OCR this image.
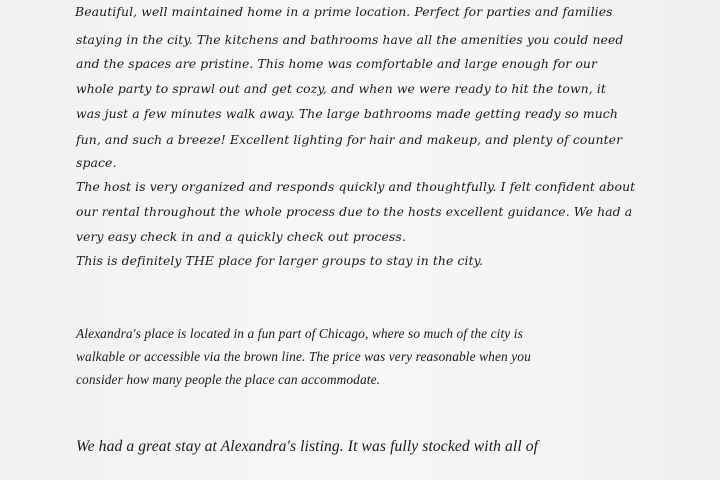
Beautiful, well maintained home in a prime location. Perfect for parties and families
staying in the city. The kitchens and bathrooms have all the amenities you could need
and the spaces are pristine. This home was comfortable and large enough for our
whole party to sprawl out and get cozy, and when we were ready to hit the town, it
was just a few minutes walk away. The large bathrooms made getting ready so much
fun, and such a breeze! Excellent lighting for hair and makeup, and plenty of counter
space.
The host is very organized and responds quickly and thoughtfully. I felt confident about
our rental throughout the whole process due to the hosts excellent guidance. We had a
very easy check in and a quickly check out process.
This is definitely THE place for larger groups to stay in the city.
Alexandra's place is located in a fun part of Chicago, where so much of the city is
walkable or accessible via the brown line. The price was very reasonable when you
consider how many people the place can accommodate.
We had a great stay at Alexandra's listing. It was fully stocked with all of
